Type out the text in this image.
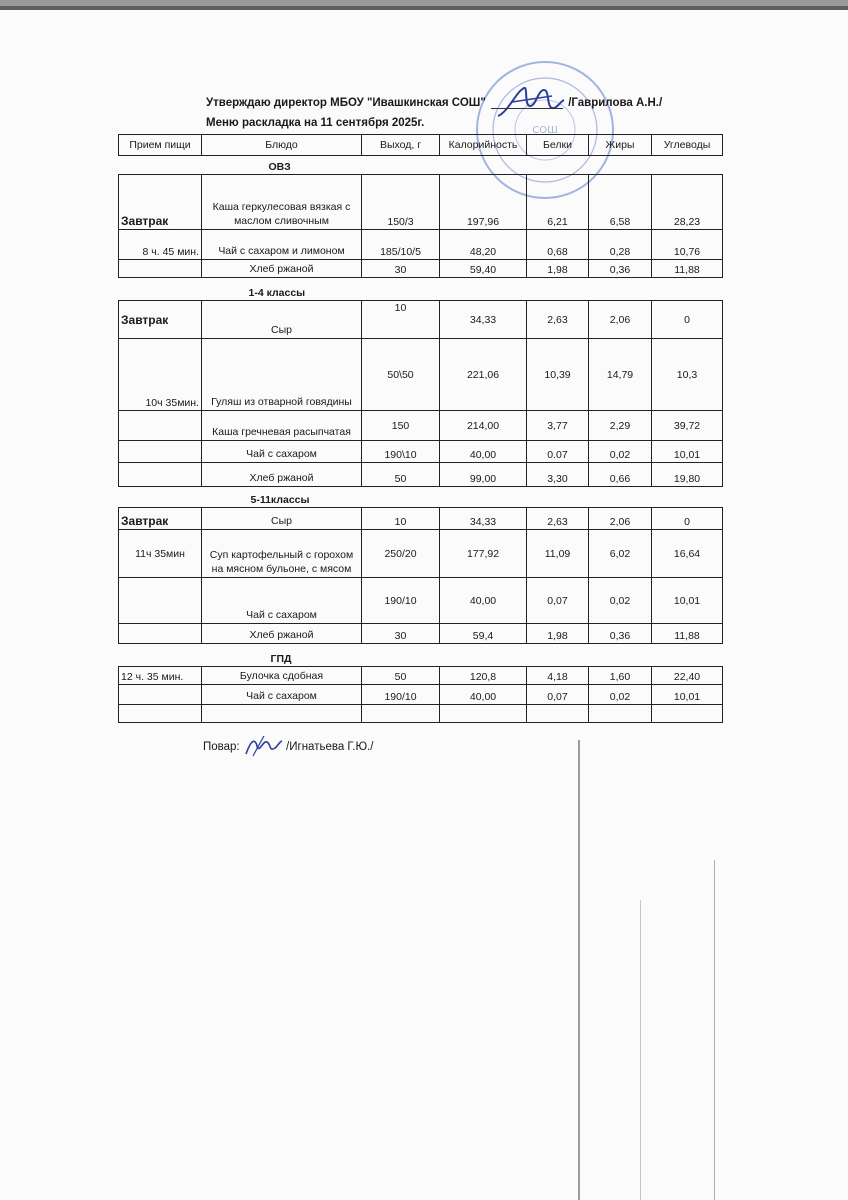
СОШ
Утверждаю директор МБОУ "Ивашкинская СОШ"	/Гаврилова А.Н./
Меню раскладка на 11 сентября 2025г.
Прием пищи	Блюдо	Выход, г	Калорийность	Белки	Жиры	Углеводы
ОВЗ						
Завтрак	Каша геркулесовая вязкая с маслом сливочным	150/3	197,96	6,21	6,58	28,23
8 ч. 45 мин.	Чай с сахаром и лимоном	185/10/5	48,20	0,68	0,28	10,76
	Хлеб ржаной	30	59,40	1,98	0,36	11,88
1-4 классы						
Завтрак	Сыр	10	34,33	2,63	2,06	0
10ч 35мин.	Гуляш из отварной говядины	50\50	221,06	10,39	14,79	10,3
	Каша гречневая расыпчатая	150	214,00	3,77	2,29	39,72
	Чай с сахаром	190\10	40,00	0.07	0,02	10,01
	Хлеб ржаной	50	99,00	3,30	0,66	19,80
5-11классы						
Завтрак	Сыр	10	34,33	2,63	2,06	0
11ч 35мин	Суп картофельный с горохом на мясном бульоне, с мясом	250/20	177,92	11,09	6,02	16,64
	Чай с сахаром	190/10	40,00	0,07	0,02	10,01
	Хлеб ржаной	30	59,4	1,98	0,36	11,88
ГПД						
12 ч. 35 мин.	Булочка сдобная	50	120,8	4,18	1,60	22,40
	Чай с сахаром	190/10	40,00	0,07	0,02	10,01

Повар:	/Игнатьева Г.Ю./
